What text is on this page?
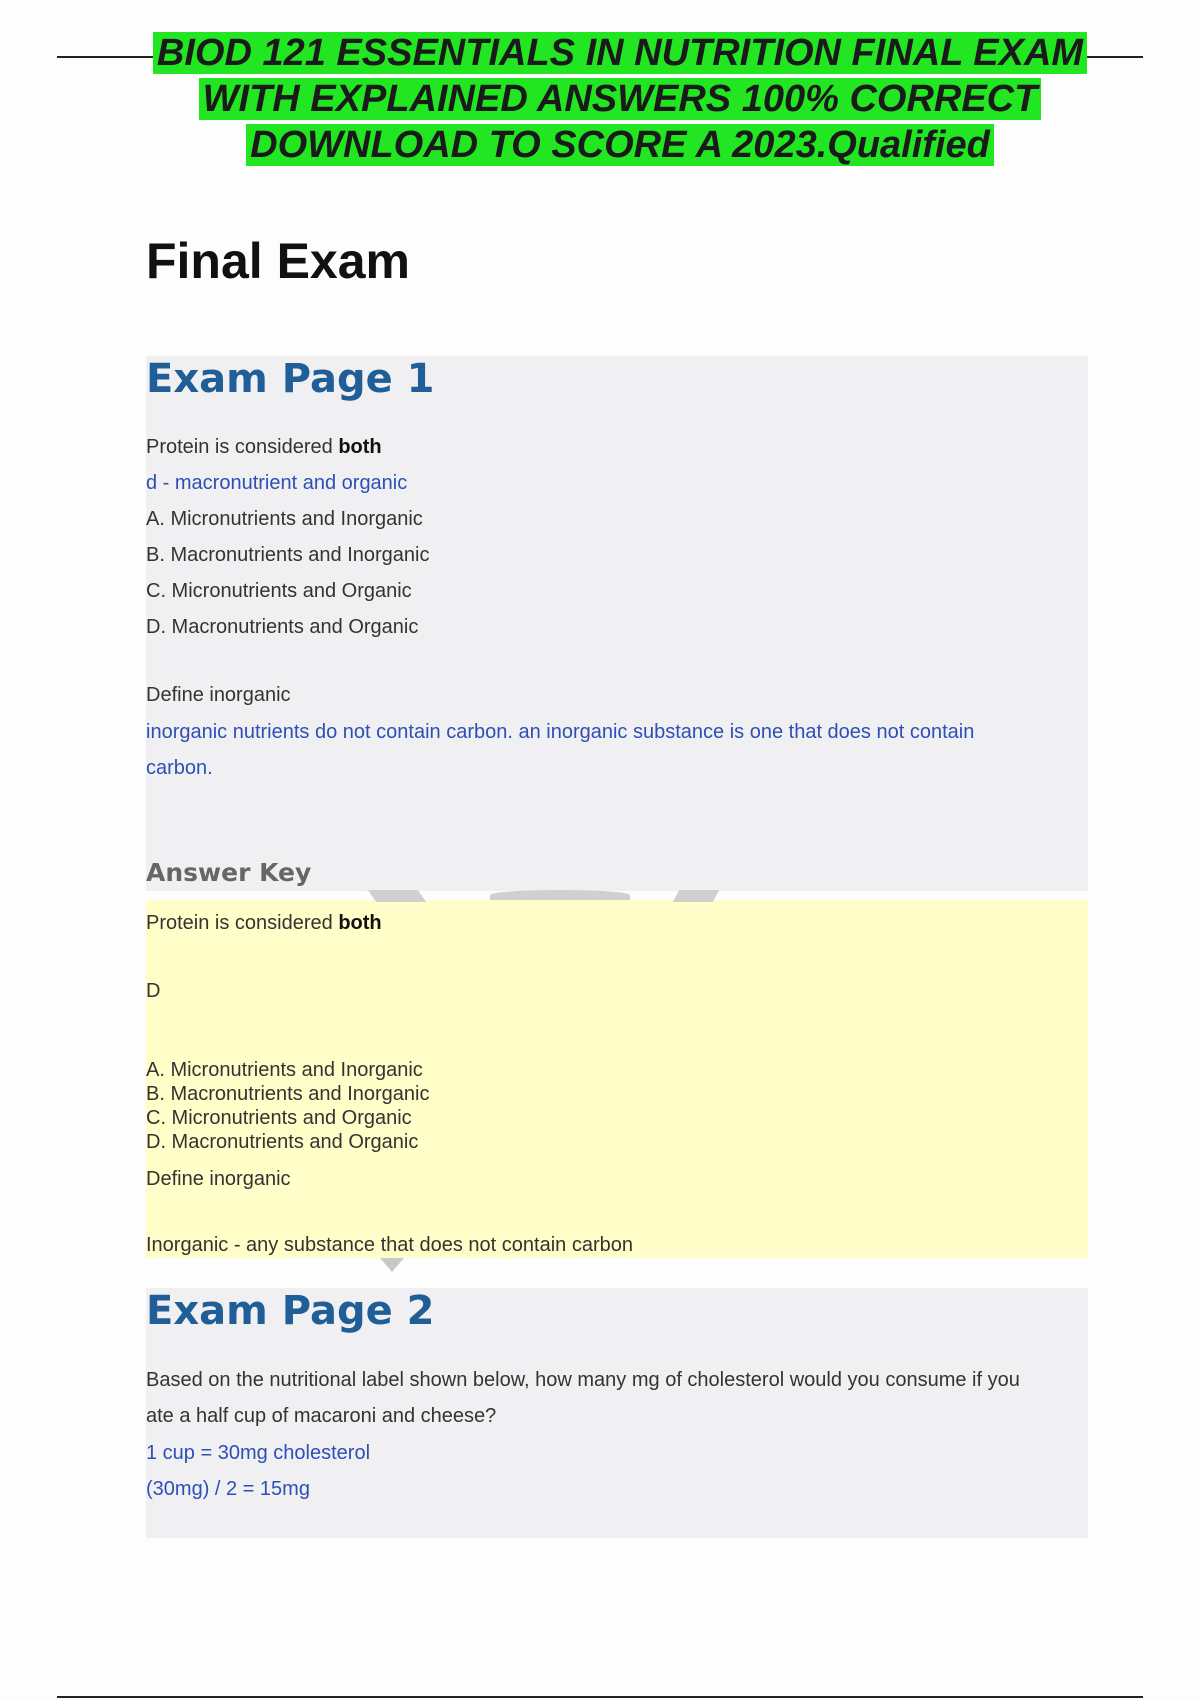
BIOD 121 ESSENTIALS IN NUTRITION FINAL EXAM WITH EXPLAINED ANSWERS 100% CORRECT DOWNLOAD TO SCORE A 2023.Qualified
Final Exam
Exam Page 1
Protein is considered both
d - macronutrient and organic
A. Micronutrients and Inorganic
B. Macronutrients and Inorganic
C. Micronutrients and Organic
D. Macronutrients and Organic
Define inorganic
inorganic nutrients do not contain carbon. an inorganic substance is one that does not contain carbon.
Answer Key
Protein is considered both
D
A. Micronutrients and Inorganic
B. Macronutrients and Inorganic
C. Micronutrients and Organic
D. Macronutrients and Organic
Define inorganic
Inorganic - any substance that does not contain carbon
Exam Page 2
Based on the nutritional label shown below, how many mg of cholesterol would you consume if you ate a half cup of macaroni and cheese?
1 cup = 30mg cholesterol
(30mg) / 2 = 15mg
